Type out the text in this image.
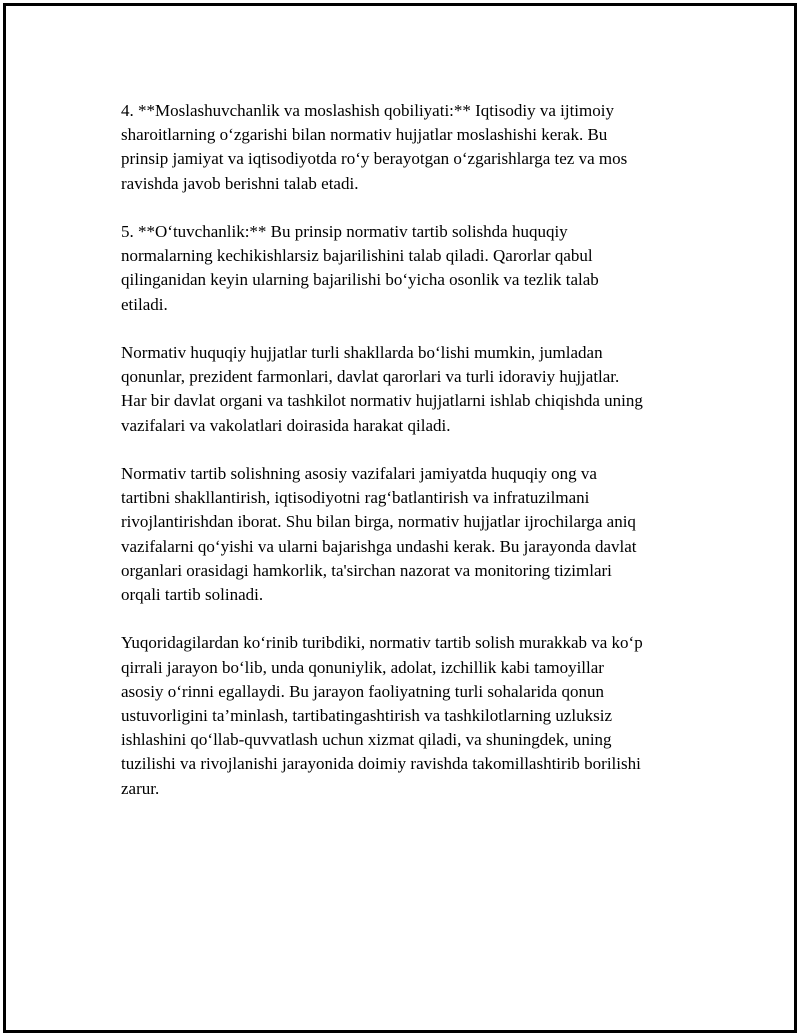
4. **Moslashuvchanlik va moslashish qobiliyati:** Iqtisodiy va ijtimoiy
sharoitlarning oʻzgarishi bilan normativ hujjatlar moslashishi kerak. Bu
prinsip jamiyat va iqtisodiyotda roʻy berayotgan oʻzgarishlarga tez va mos
ravishda javob berishni talab etadi.

5. **Oʻtuvchanlik:** Bu prinsip normativ tartib solishda huquqiy
normalarning kechikishlarsiz bajarilishini talab qiladi. Qarorlar qabul
qilinganidan keyin ularning bajarilishi boʻyicha osonlik va tezlik talab
etiladi.

Normativ huquqiy hujjatlar turli shakllarda boʻlishi mumkin, jumladan
qonunlar, prezident farmonlari, davlat qarorlari va turli idoraviy hujjatlar.
Har bir davlat organi va tashkilot normativ hujjatlarni ishlab chiqishda uning
vazifalari va vakolatlari doirasida harakat qiladi.

Normativ tartib solishning asosiy vazifalari jamiyatda huquqiy ong va
tartibni shakllantirish, iqtisodiyotni ragʻbatlantirish va infratuzilmani
rivojlantirishdan iborat. Shu bilan birga, normativ hujjatlar ijrochilarga aniq
vazifalarni qoʻyishi va ularni bajarishga undashi kerak. Bu jarayonda davlat
organlari orasidagi hamkorlik, ta'sirchan nazorat va monitoring tizimlari
orqali tartib solinadi.

Yuqoridagilardan koʻrinib turibdiki, normativ tartib solish murakkab va koʻp
qirrali jarayon boʻlib, unda qonuniylik, adolat, izchillik kabi tamoyillar
asosiy oʻrinni egallaydi. Bu jarayon faoliyatning turli sohalarida qonun
ustuvorligini ta’minlash, tartibatingashtirish va tashkilotlarning uzluksiz
ishlashini qoʻllab-quvvatlash uchun xizmat qiladi, va shuningdek, uning
tuzilishi va rivojlanishi jarayonida doimiy ravishda takomillashtirib borilishi
zarur.
